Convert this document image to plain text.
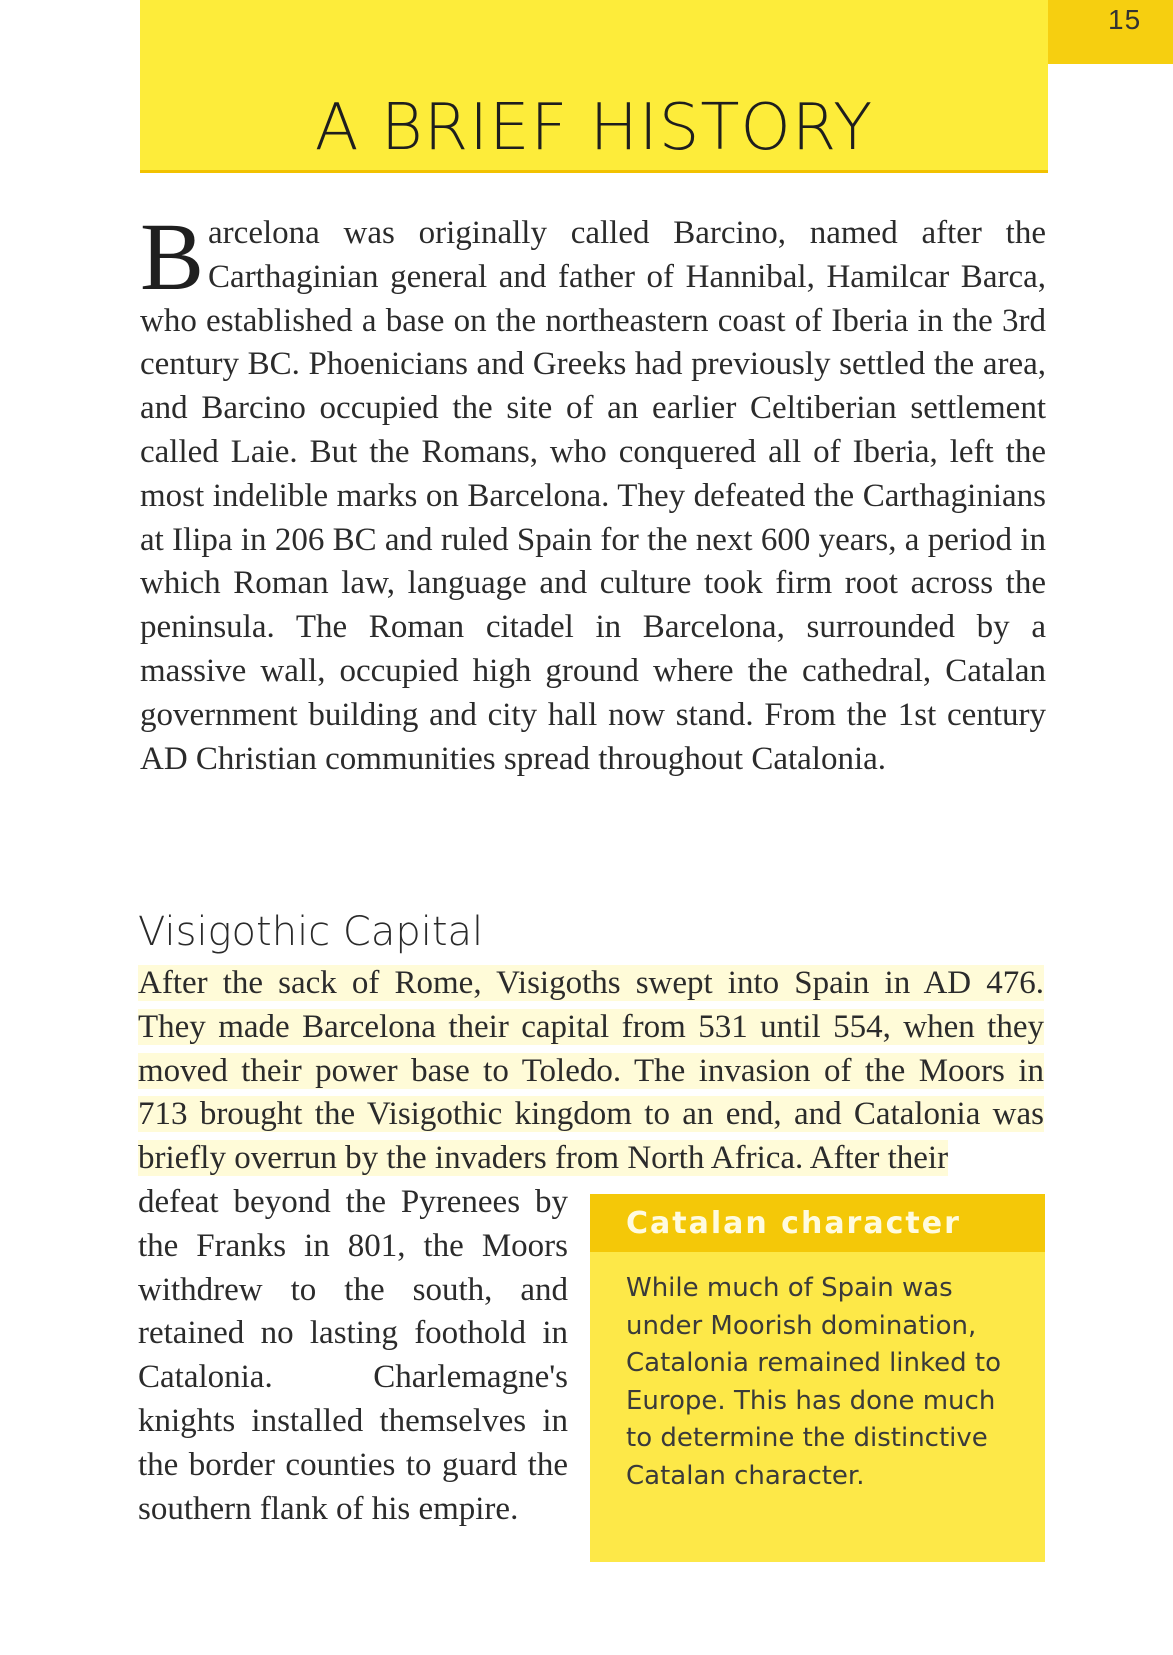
15
A BRIEF HISTORY

Barcelona was originally called Barcino, named after the Carthaginian general and father of Hannibal, Hamilcar Barca, who established a base on the northeastern coast of Iberia in the 3rd century BC. Phoenicians and Greeks had previously settled the area, and Barcino occupied the site of an earlier Celtiberian settlement called Laie. But the Romans, who conquered all of Iberia, left the most indelible marks on Barcelona. They defeated the Carthaginians at Ilipa in 206 BC and ruled Spain for the next 600 years, a period in which Roman law, language and culture took firm root across the peninsula. The Roman citadel in Barcelona, surrounded by a massive wall, occupied high ground where the cathedral, Catalan government building and city hall now stand. From the 1st century AD Christian communities spread throughout Catalonia.

Visigothic Capital

After the sack of Rome, Visigoths swept into Spain in AD 476. They made Barcelona their capital from 531 until 554, when they moved their power base to Toledo. The invasion of the Moors in 713 brought the Visigothic kingdom to an end, and Catalonia was briefly overrun by the invaders from North Africa. After their

defeat beyond the Pyrenees by the Franks in 801, the Moors withdrew to the south, and retained no lasting foothold in Catalonia. Charlemagne's knights installed themselves in the border counties to guard the southern flank of his empire.

Catalan character

While much of Spain was under Moorish domination, Catalonia remained linked to Europe. This has done much to determine the distinctive Catalan character.
